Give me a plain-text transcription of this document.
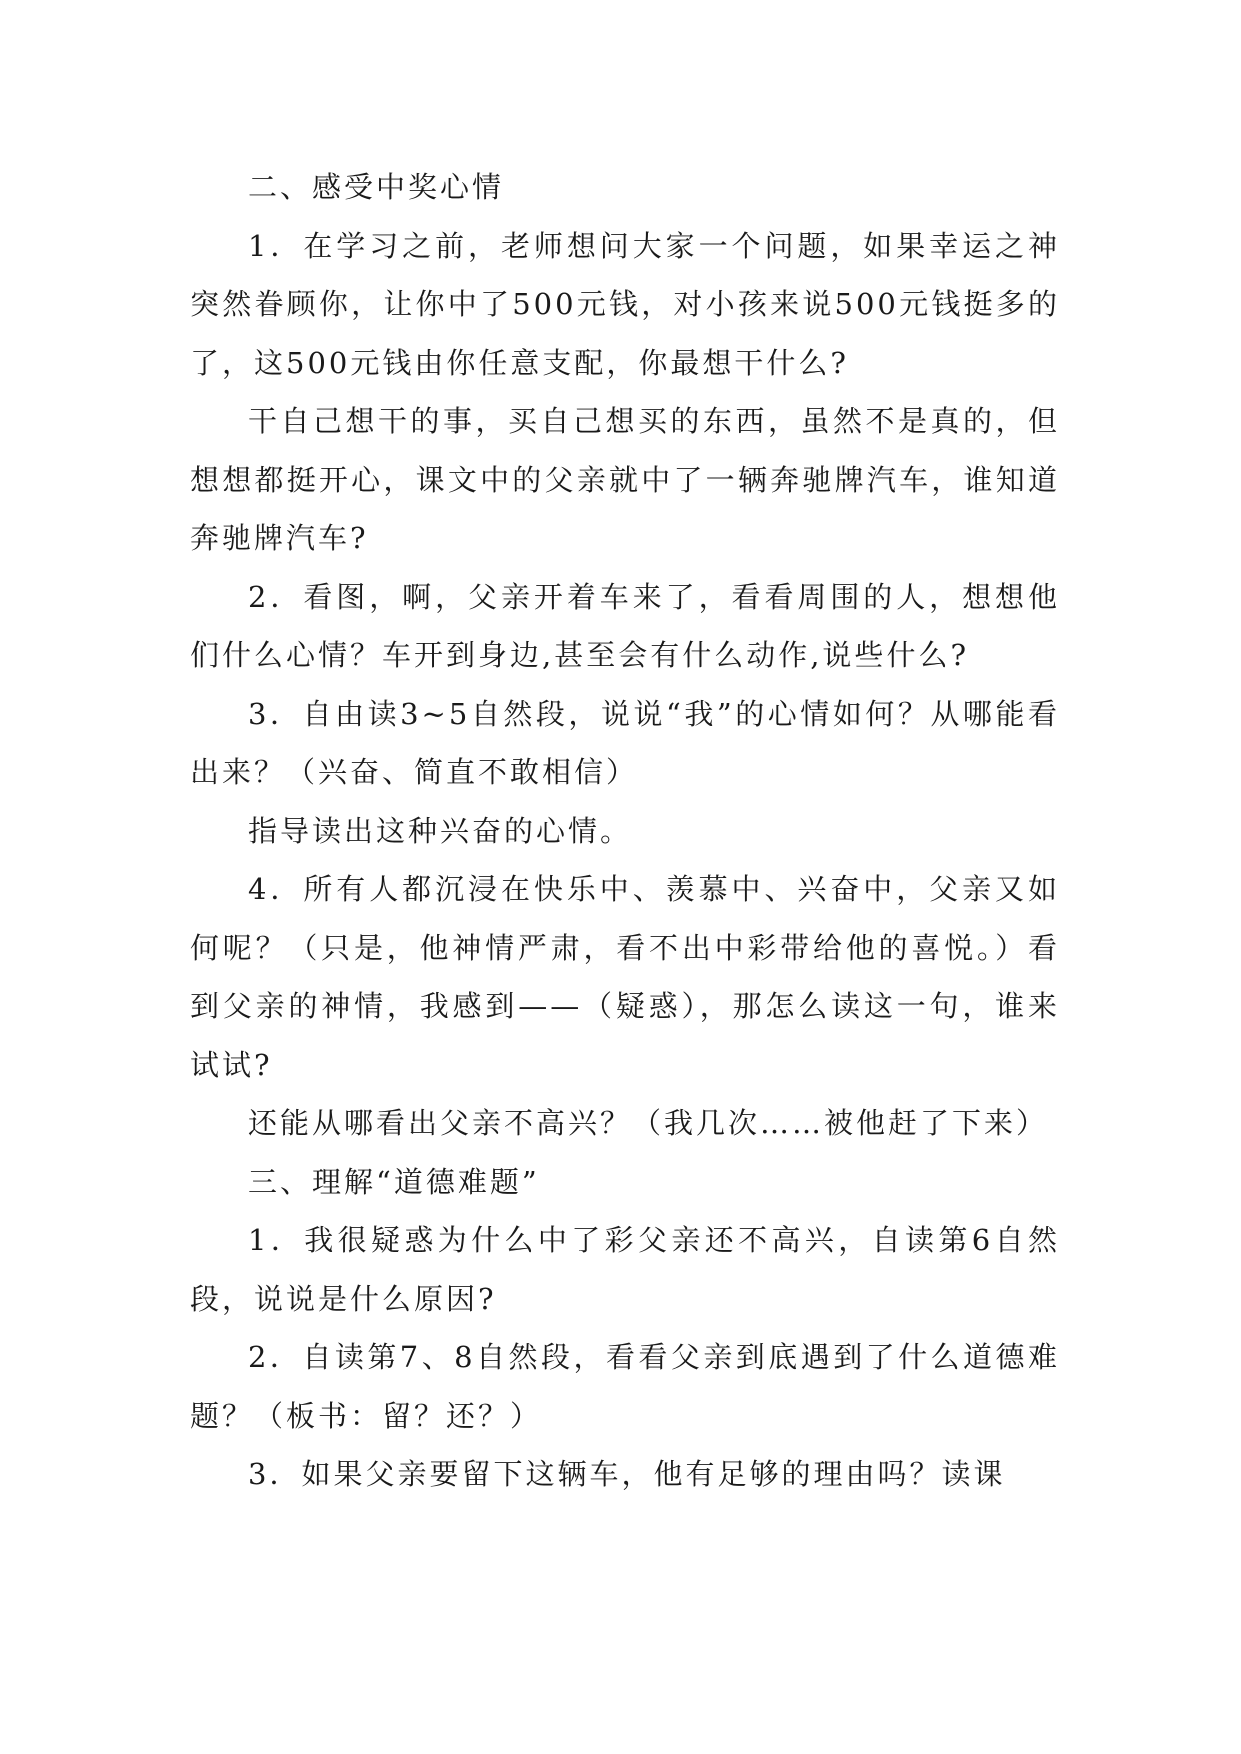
二、感受中奖心情

1．在学习之前，老师想问大家一个问题，如果幸运之神突然眷顾你，让你中了500元钱，对小孩来说500元钱挺多的了，这500元钱由你任意支配，你最想干什么?

干自己想干的事，买自己想买的东西，虽然不是真的，但想想都挺开心，课文中的父亲就中了一辆奔驰牌汽车，谁知道奔驰牌汽车?

2．看图，啊，父亲开着车来了，看看周围的人，想想他们什么心情？车开到身边,甚至会有什么动作,说些什么?

3．自由读3~5自然段，说说“我”的心情如何？从哪能看出来？（兴奋、简直不敢相信）

指导读出这种兴奋的心情。

4．所有人都沉浸在快乐中、羡慕中、兴奋中，父亲又如何呢？（只是，他神情严肃，看不出中彩带给他的喜悦。）看到父亲的神情，我感到——（疑惑），那怎么读这一句，谁来试试?

还能从哪看出父亲不高兴？（我几次……被他赶了下来）

三、理解“道德难题”

1．我很疑惑为什么中了彩父亲还不高兴，自读第6自然段，说说是什么原因?

2．自读第7、8自然段，看看父亲到底遇到了什么道德难题？（板书：留？还？）

3．如果父亲要留下这辆车，他有足够的理由吗？读课
